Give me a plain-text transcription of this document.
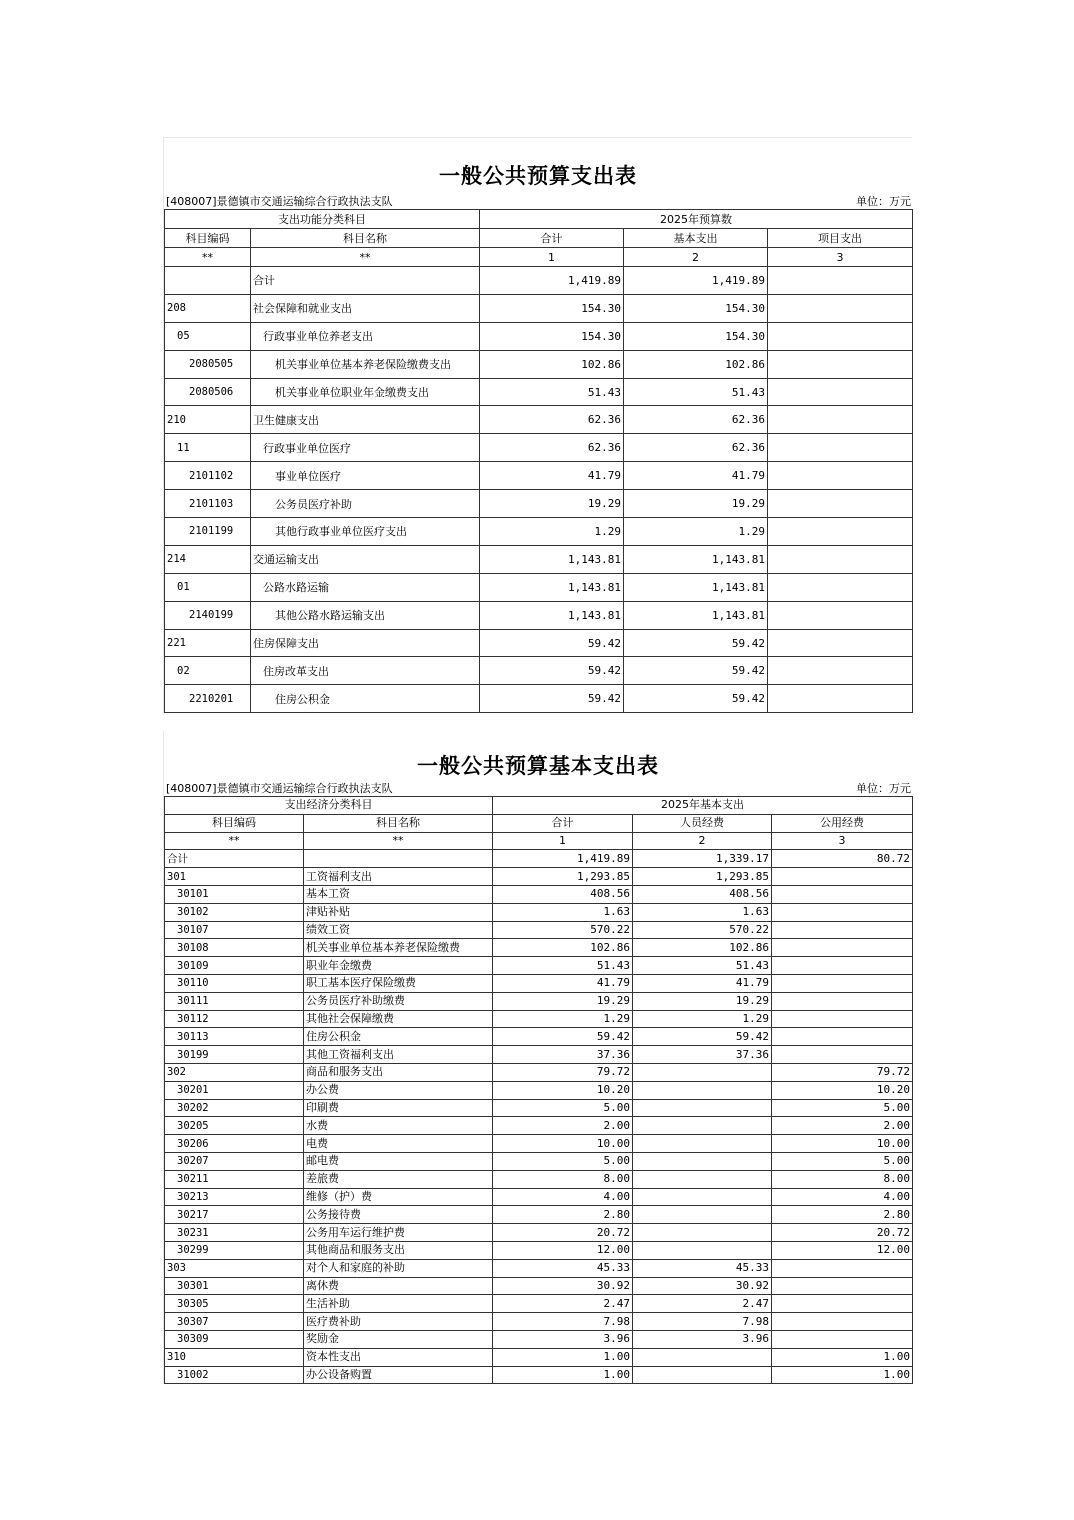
一般公共预算支出表
[408007]景德镇市交通运输综合行政执法支队	单位：万元
支出功能分类科目		2025年预算数		
科目编码	科目名称	合计	基本支出	项目支出
**	**	1	2	3
	合计	1,419.89	1,419.89	
208	社会保障和就业支出	154.30	154.30	
05	行政事业单位养老支出	154.30	154.30	
2080505	机关事业单位基本养老保险缴费支出	102.86	102.86	
2080506	机关事业单位职业年金缴费支出	51.43	51.43	
210	卫生健康支出	62.36	62.36	
11	行政事业单位医疗	62.36	62.36	
2101102	事业单位医疗	41.79	41.79	
2101103	公务员医疗补助	19.29	19.29	
2101199	其他行政事业单位医疗支出	1.29	1.29	
214	交通运输支出	1,143.81	1,143.81	
01	公路水路运输	1,143.81	1,143.81	
2140199	其他公路水路运输支出	1,143.81	1,143.81	
221	住房保障支出	59.42	59.42	
02	住房改革支出	59.42	59.42	
2210201	住房公积金	59.42	59.42	
一般公共预算基本支出表
[408007]景德镇市交通运输综合行政执法支队	单位：万元
支出经济分类科目		2025年基本支出		
科目编码	科目名称	合计	人员经费	公用经费
**	**	1	2	3
合计		1,419.89	1,339.17	80.72
301	工资福利支出	1,293.85	1,293.85	
30101	基本工资	408.56	408.56	
30102	津贴补贴	1.63	1.63	
30107	绩效工资	570.22	570.22	
30108	机关事业单位基本养老保险缴费	102.86	102.86	
30109	职业年金缴费	51.43	51.43	
30110	职工基本医疗保险缴费	41.79	41.79	
30111	公务员医疗补助缴费	19.29	19.29	
30112	其他社会保障缴费	1.29	1.29	
30113	住房公积金	59.42	59.42	
30199	其他工资福利支出	37.36	37.36	
302	商品和服务支出	79.72		79.72
30201	办公费	10.20		10.20
30202	印刷费	5.00		5.00
30205	水费	2.00		2.00
30206	电费	10.00		10.00
30207	邮电费	5.00		5.00
30211	差旅费	8.00		8.00
30213	维修（护）费	4.00		4.00
30217	公务接待费	2.80		2.80
30231	公务用车运行维护费	20.72		20.72
30299	其他商品和服务支出	12.00		12.00
303	对个人和家庭的补助	45.33	45.33	
30301	离休费	30.92	30.92	
30305	生活补助	2.47	2.47	
30307	医疗费补助	7.98	7.98	
30309	奖励金	3.96	3.96	
310	资本性支出	1.00		1.00
31002	办公设备购置	1.00		1.00
